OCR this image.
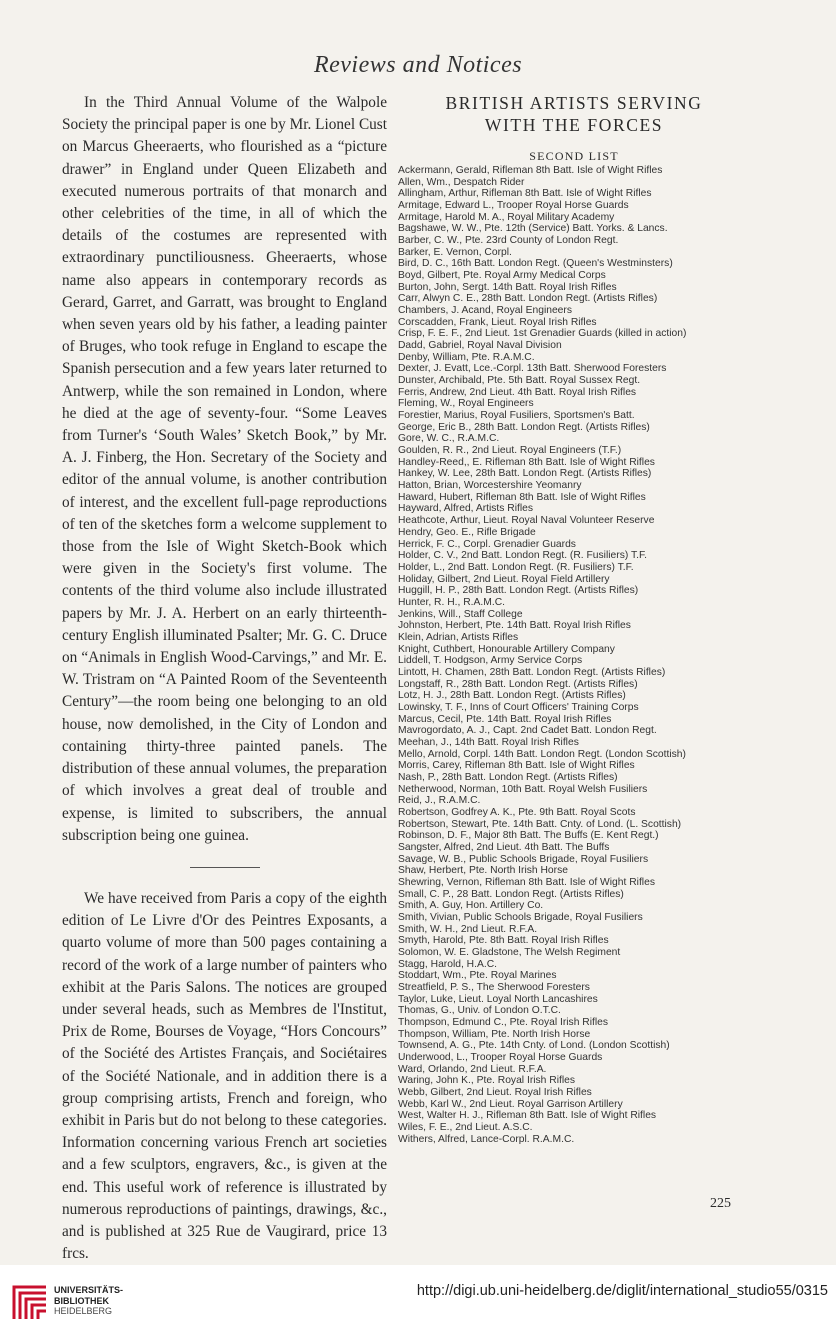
Reviews and Notices

In the Third Annual Volume of the Walpole Society the principal paper is one by Mr. Lionel Cust on Marcus Gheeraerts, who flourished as a “picture drawer” in England under Queen Elizabeth and executed numerous portraits of that monarch and other celebrities of the time, in all of which the details of the costumes are represented with extraordinary punctiliousness. Gheeraerts, whose name also appears in contemporary records as Gerard, Garret, and Garratt, was brought to England when seven years old by his father, a leading painter of Bruges, who took refuge in England to escape the Spanish persecution and a few years later returned to Antwerp, while the son remained in London, where he died at the age of seventy-four. “Some Leaves from Turner's ‘South Wales’ Sketch Book,” by Mr. A. J. Finberg, the Hon. Secretary of the Society and editor of the annual volume, is another contribution of interest, and the excellent full-page reproductions of ten of the sketches form a welcome supplement to those from the Isle of Wight Sketch-Book which were given in the Society's first volume. The contents of the third volume also include illustrated papers by Mr. J. A. Herbert on an early thirteenth-century English illuminated Psalter; Mr. G. C. Druce on “Animals in English Wood-Carvings,” and Mr. E. W. Tristram on “A Painted Room of the Seventeenth Century”—the room being one belonging to an old house, now demolished, in the City of London and containing thirty-three painted panels. The distribution of these annual volumes, the preparation of which involves a great deal of trouble and expense, is limited to subscribers, the annual subscription being one guinea.

We have received from Paris a copy of the eighth edition of Le Livre d'Or des Peintres Exposants, a quarto volume of more than 500 pages containing a record of the work of a large number of painters who exhibit at the Paris Salons. The notices are grouped under several heads, such as Membres de l'Institut, Prix de Rome, Bourses de Voyage, “Hors Concours” of the Société des Artistes Français, and Sociétaires of the Société Nationale, and in addition there is a group comprising artists, French and foreign, who exhibit in Paris but do not belong to these categories. Information concerning various French art societies and a few sculptors, engravers, &c., is given at the end. This useful work of reference is illustrated by numerous reproductions of paintings, drawings, &c., and is published at 325 Rue de Vaugirard, price 13 frcs.

BRITISH ARTISTS SERVING
WITH THE FORCES
SECOND LIST
Ackermann, Gerald, Rifleman 8th Batt. Isle of Wight Rifles
Allen, Wm., Despatch Rider
Allingham, Arthur, Rifleman 8th Batt. Isle of Wight Rifles
Armitage, Edward L., Trooper Royal Horse Guards
Armitage, Harold M. A., Royal Military Academy
Bagshawe, W. W., Pte. 12th (Service) Batt. Yorks. & Lancs.
Barber, C. W., Pte. 23rd County of London Regt.
Barker, E. Vernon, Corpl.
Bird, D. C., 16th Batt. London Regt. (Queen's Westminsters)
Boyd, Gilbert, Pte. Royal Army Medical Corps
Burton, John, Sergt. 14th Batt. Royal Irish Rifles
Carr, Alwyn C. E., 28th Batt. London Regt. (Artists Rifles)
Chambers, J. Acand, Royal Engineers
Corscadden, Frank, Lieut. Royal Irish Rifles
Crisp, F. E. F., 2nd Lieut. 1st Grenadier Guards (killed in action)
Dadd, Gabriel, Royal Naval Division
Denby, William, Pte. R.A.M.C.
Dexter, J. Evatt, Lce.-Corpl. 13th Batt. Sherwood Foresters
Dunster, Archibald, Pte. 5th Batt. Royal Sussex Regt.
Ferris, Andrew, 2nd Lieut. 4th Batt. Royal Irish Rifles
Fleming, W., Royal Engineers
Forestier, Marius, Royal Fusiliers, Sportsmen's Batt.
George, Eric B., 28th Batt. London Regt. (Artists Rifles)
Gore, W. C., R.A.M.C.
Goulden, R. R., 2nd Lieut. Royal Engineers (T.F.)
Handley-Reed,, E. Rifleman 8th Batt. Isle of Wight Rifles
Hankey, W. Lee, 28th Batt. London Regt. (Artists Rifles)
Hatton, Brian, Worcestershire Yeomanry
Haward, Hubert, Rifleman 8th Batt. Isle of Wight Rifles
Hayward, Alfred, Artists Rifles
Heathcote, Arthur, Lieut. Royal Naval Volunteer Reserve
Hendry, Geo. E., Rifle Brigade
Herrick, F. C., Corpl. Grenadier Guards
Holder, C. V., 2nd Batt. London Regt. (R. Fusiliers) T.F.
Holder, L., 2nd Batt. London Regt. (R. Fusiliers) T.F.
Holiday, Gilbert, 2nd Lieut. Royal Field Artillery
Huggill, H. P., 28th Batt. London Regt. (Artists Rifles)
Hunter, R. H., R.A.M.C.
Jenkins, Will., Staff College
Johnston, Herbert, Pte. 14th Batt. Royal Irish Rifles
Klein, Adrian, Artists Rifles
Knight, Cuthbert, Honourable Artillery Company
Liddell, T. Hodgson, Army Service Corps
Lintott, H. Chamen, 28th Batt. London Regt. (Artists Rifles)
Longstaff, R., 28th Batt. London Regt. (Artists Rifles)
Lotz, H. J., 28th Batt. London Regt. (Artists Rifles)
Lowinsky, T. F., Inns of Court Officers' Training Corps
Marcus, Cecil, Pte. 14th Batt. Royal Irish Rifles
Mavrogordato, A. J., Capt. 2nd Cadet Batt. London Regt.
Meehan, J., 14th Batt. Royal Irish Rifles
Mello, Arnold, Corpl. 14th Batt. London Regt. (London Scottish)
Morris, Carey, Rifleman 8th Batt. Isle of Wight Rifles
Nash, P., 28th Batt. London Regt. (Artists Rifles)
Netherwood, Norman, 10th Batt. Royal Welsh Fusiliers
Reid, J., R.A.M.C.
Robertson, Godfrey A. K., Pte. 9th Batt. Royal Scots
Robertson, Stewart, Pte. 14th Batt. Cnty. of Lond. (L. Scottish)
Robinson, D. F., Major 8th Batt. The Buffs (E. Kent Regt.)
Sangster, Alfred, 2nd Lieut. 4th Batt. The Buffs
Savage, W. B., Public Schools Brigade, Royal Fusiliers
Shaw, Herbert, Pte. North Irish Horse
Shewring, Vernon, Rifleman 8th Batt. Isle of Wight Rifles
Small, C. P., 28 Batt. London Regt. (Artists Rifles)
Smith, A. Guy, Hon. Artillery Co.
Smith, Vivian, Public Schools Brigade, Royal Fusiliers
Smith, W. H., 2nd Lieut. R.F.A.
Smyth, Harold, Pte. 8th Batt. Royal Irish Rifles
Solomon, W. E. Gladstone, The Welsh Regiment
Stagg, Harold, H.A.C.
Stoddart, Wm., Pte. Royal Marines
Streatfield, P. S., The Sherwood Foresters
Taylor, Luke, Lieut. Loyal North Lancashires
Thomas, G., Univ. of London O.T.C.
Thompson, Edmund C., Pte. Royal Irish Rifles
Thompson, William, Pte. North Irish Horse
Townsend, A. G., Pte. 14th Cnty. of Lond. (London Scottish)
Underwood, L., Trooper Royal Horse Guards
Ward, Orlando, 2nd Lieut. R.F.A.
Waring, John K., Pte. Royal Irish Rifles
Webb, Gilbert, 2nd Lieut. Royal Irish Rifles
Webb, Karl W., 2nd Lieut. Royal Garrison Artillery
West, Walter H. J., Rifleman 8th Batt. Isle of Wight Rifles
Wiles, F. E., 2nd Lieut. A.S.C.
Withers, Alfred, Lance-Corpl. R.A.M.C.
225
UNIVERSITÄTS-
BIBLIOTHEK
HEIDELBERG
http://digi.ub.uni-heidelberg.de/diglit/international_studio55/0315
